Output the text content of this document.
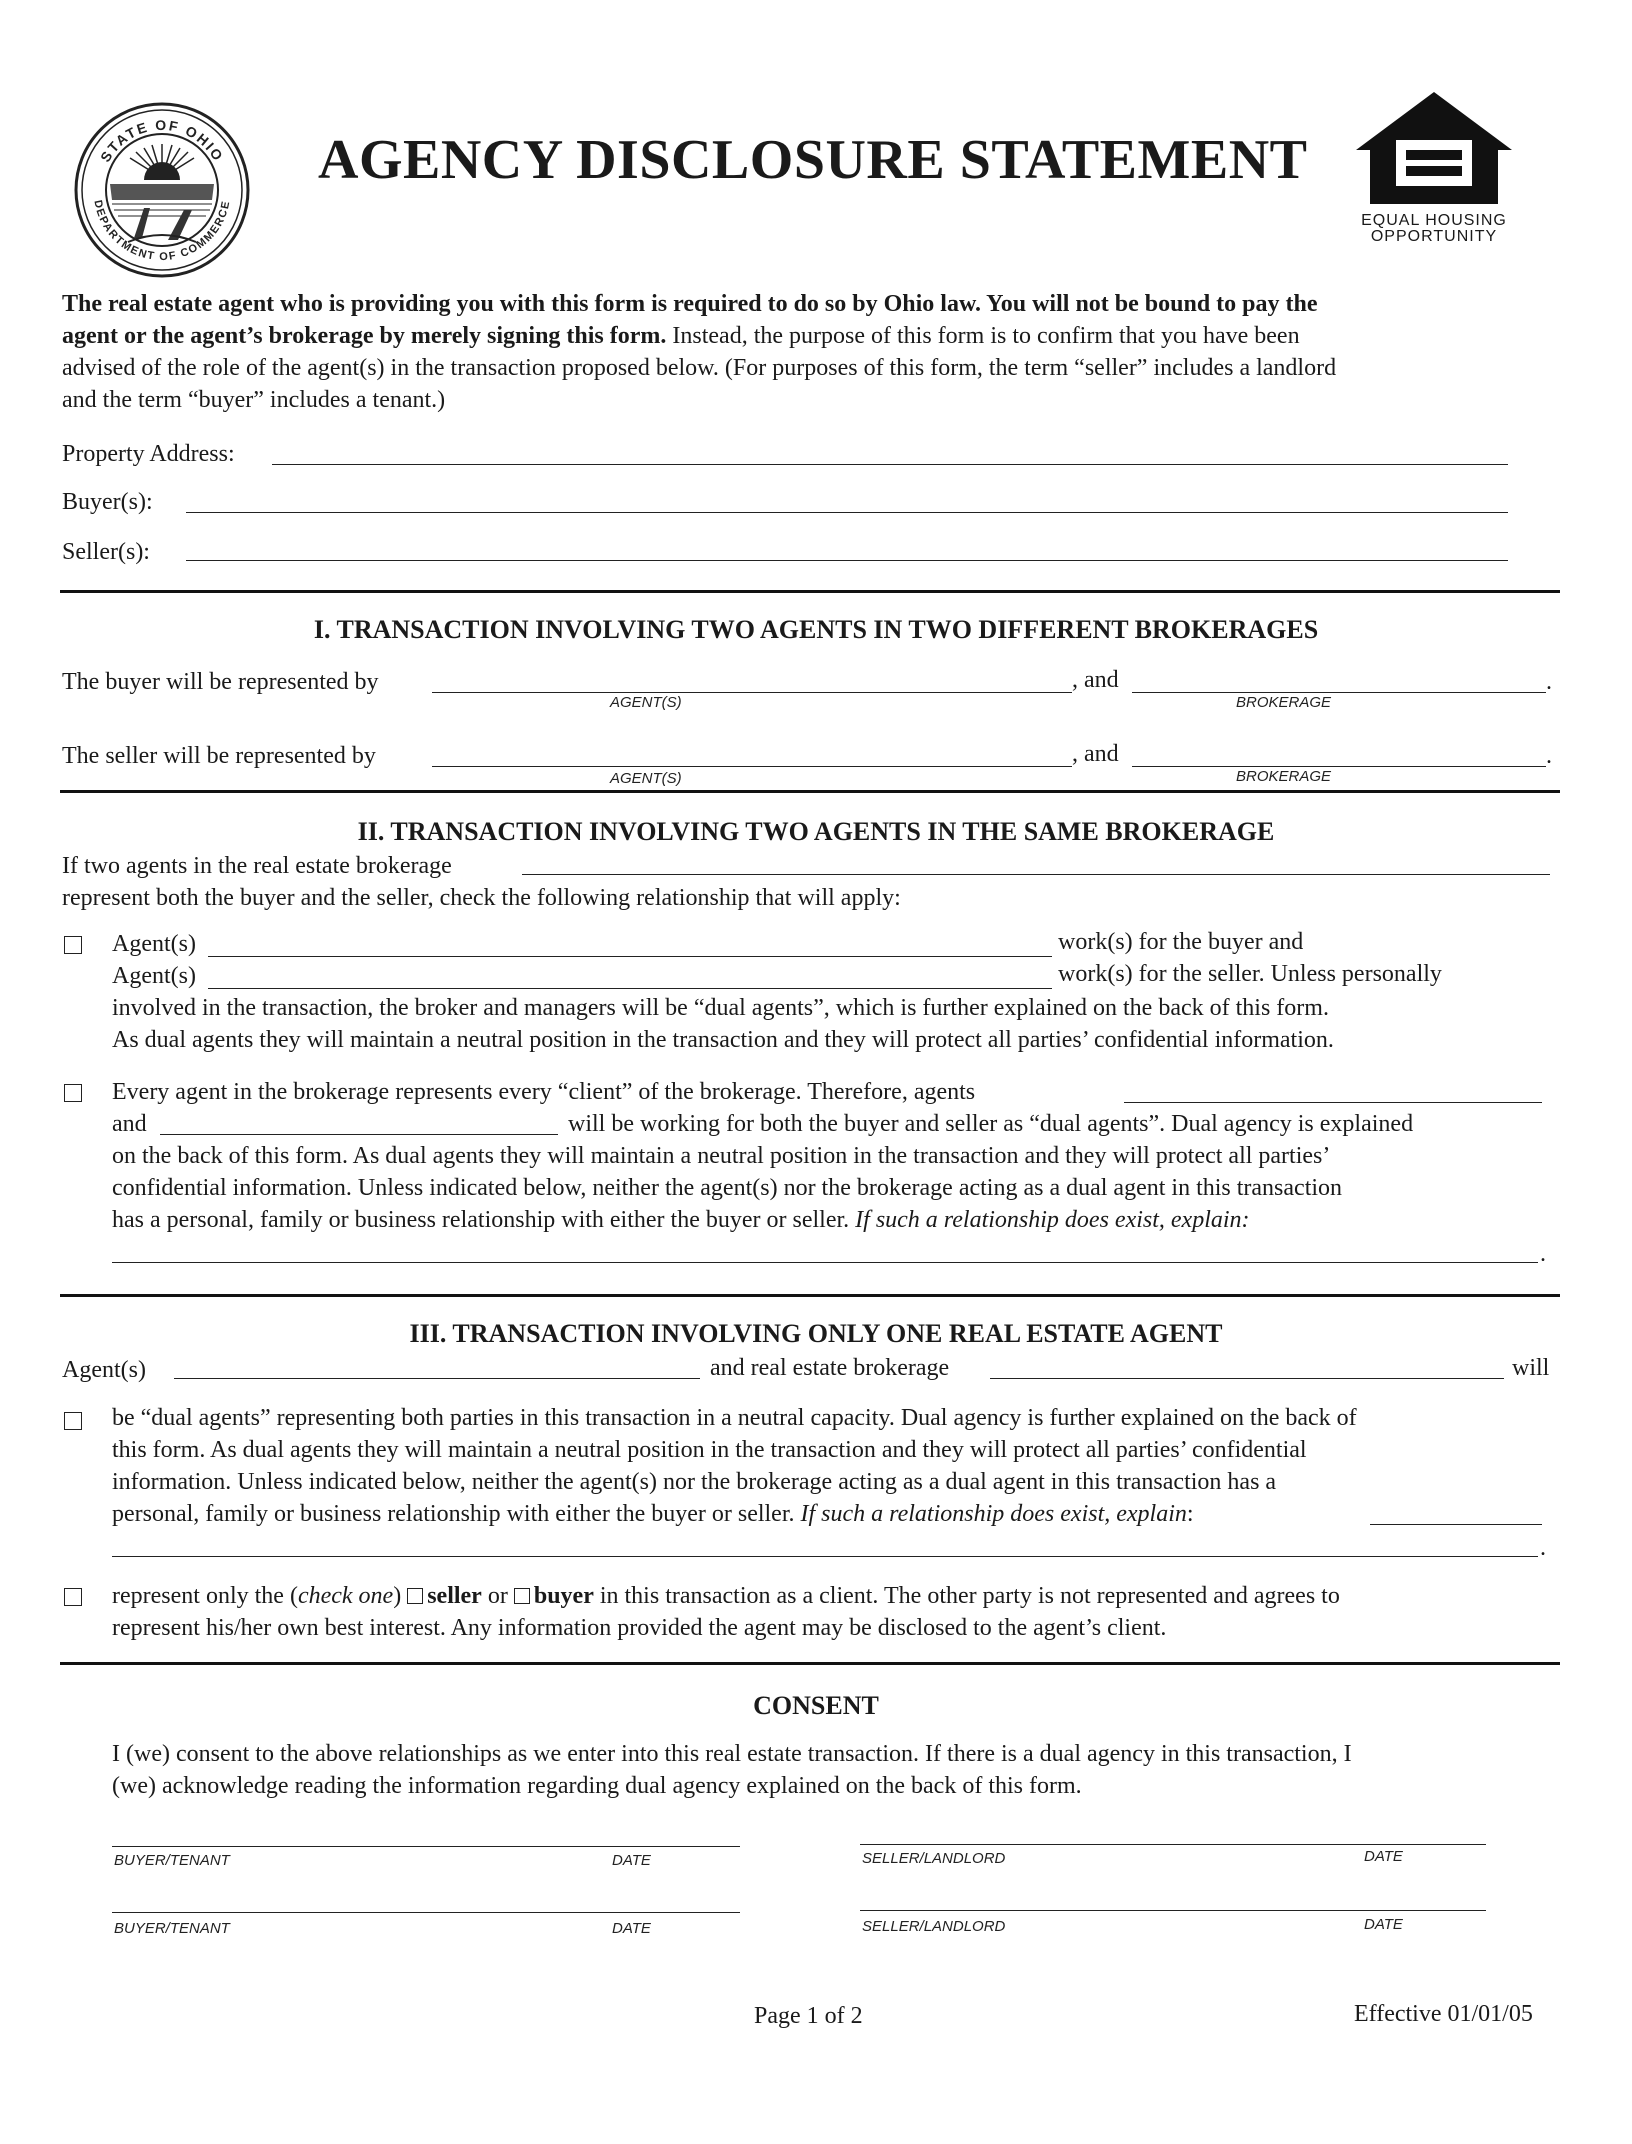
STATE OF OHIO
DEPARTMENT OF COMMERCE
AGENCY DISCLOSURE STATEMENT
EQUAL HOUSING
OPPORTUNITY
The real estate agent who is providing you with this form is required to do so by Ohio law. You will not be bound to pay the
agent or the agent’s brokerage by merely signing this form. Instead, the purpose of this form is to confirm that you have been
advised of the role of the agent(s) in the transaction proposed below. (For purposes of this form, the term “seller” includes a landlord
and the term “buyer” includes a tenant.)
Property Address:
Buyer(s):
Seller(s):
I. TRANSACTION INVOLVING TWO AGENTS IN TWO DIFFERENT BROKERAGES
The buyer will be represented by
AGENT(S)
, and
BROKERAGE
.
The seller will be represented by
AGENT(S)
, and
BROKERAGE
.
II. TRANSACTION INVOLVING TWO AGENTS IN THE SAME BROKERAGE
If two agents in the real estate brokerage
represent both the buyer and the seller, check the following relationship that will apply:
Agent(s)	work(s) for the buyer and
Agent(s)	work(s) for the seller. Unless personally
involved in the transaction, the broker and managers will be “dual agents”, which is further explained on the back of this form.
As dual agents they will maintain a neutral position in the transaction and they will protect all parties’ confidential information.
Every agent in the brokerage represents every “client” of the brokerage. Therefore, agents
and	will be working for both the buyer and seller as “dual agents”. Dual agency is explained
on the back of this form. As dual agents they will maintain a neutral position in the transaction and they will protect all parties’
confidential information. Unless indicated below, neither the agent(s) nor the brokerage acting as a dual agent in this transaction
has a personal, family or business relationship with either the buyer or seller. If such a relationship does exist, explain:
.
III. TRANSACTION INVOLVING ONLY ONE REAL ESTATE AGENT
Agent(s)	and real estate brokerage	will
be “dual agents” representing both parties in this transaction in a neutral capacity. Dual agency is further explained on the back of
this form. As dual agents they will maintain a neutral position in the transaction and they will protect all parties’ confidential
information. Unless indicated below, neither the agent(s) nor the brokerage acting as a dual agent in this transaction has a
personal, family or business relationship with either the buyer or seller. If such a relationship does exist, explain:
.
represent only the (check one) seller or buyer in this transaction as a client. The other party is not represented and agrees to
represent his/her own best interest. Any information provided the agent may be disclosed to the agent’s client.
CONSENT
I (we) consent to the above relationships as we enter into this real estate transaction. If there is a dual agency in this transaction, I
(we) acknowledge reading the information regarding dual agency explained on the back of this form.
BUYER/TENANT	DATE	SELLER/LANDLORD	DATE
BUYER/TENANT	DATE	SELLER/LANDLORD	DATE
Page 1 of 2	Effective 01/01/05
